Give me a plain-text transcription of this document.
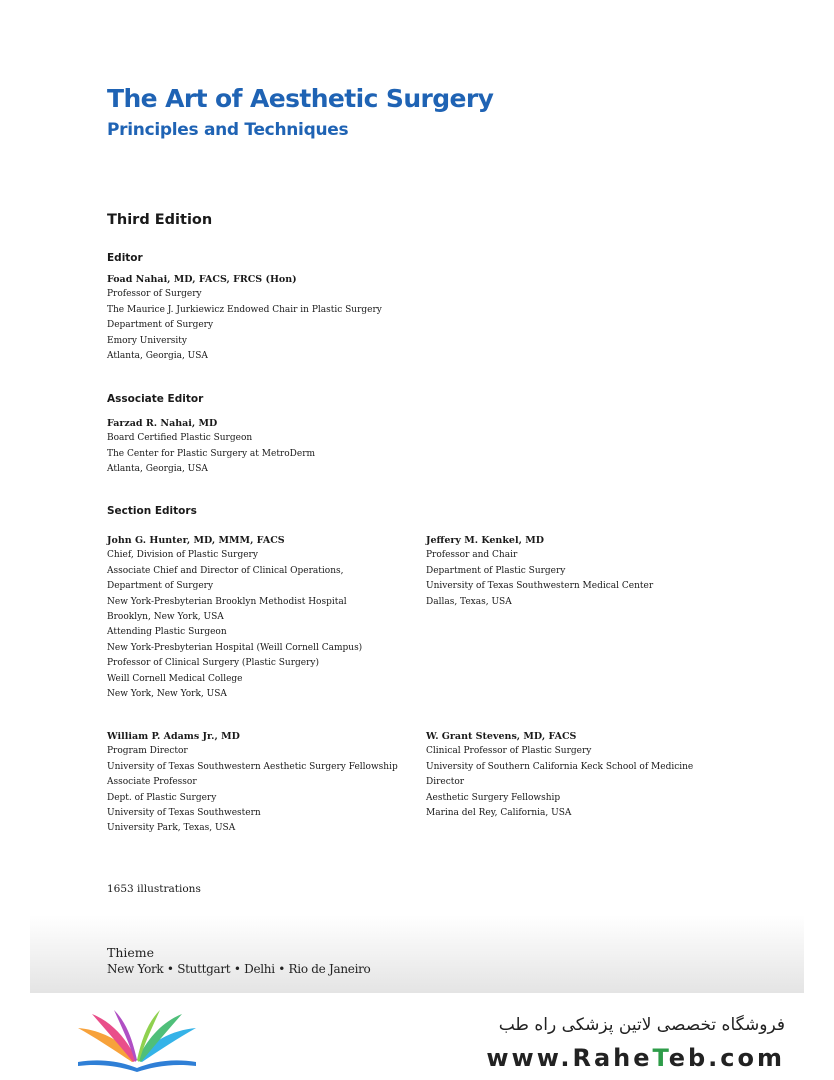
The Art of Aesthetic Surgery
Principles and Techniques
Third Edition
Editor
Foad Nahai, MD, FACS, FRCS (Hon)
Professor of Surgery
The Maurice J. Jurkiewicz Endowed Chair in Plastic Surgery
Department of Surgery
Emory University
Atlanta, Georgia, USA
Associate Editor
Farzad R. Nahai, MD
Board Certified Plastic Surgeon
The Center for Plastic Surgery at MetroDerm
Atlanta, Georgia, USA
Section Editors
John G. Hunter, MD, MMM, FACS
Chief, Division of Plastic Surgery
Associate Chief and Director of Clinical Operations,
Department of Surgery
New York-Presbyterian Brooklyn Methodist Hospital
Brooklyn, New York, USA
Attending Plastic Surgeon
New York-Presbyterian Hospital (Weill Cornell Campus)
Professor of Clinical Surgery (Plastic Surgery)
Weill Cornell Medical College
New York, New York, USA
Jeffery M. Kenkel, MD
Professor and Chair
Department of Plastic Surgery
University of Texas Southwestern Medical Center
Dallas, Texas, USA
William P. Adams Jr., MD
Program Director
University of Texas Southwestern Aesthetic Surgery Fellowship
Associate Professor
Dept. of Plastic Surgery
University of Texas Southwestern
University Park, Texas, USA
W. Grant Stevens, MD, FACS
Clinical Professor of Plastic Surgery
University of Southern California Keck School of Medicine
Director
Aesthetic Surgery Fellowship
Marina del Rey, California, USA
1653 illustrations
Thieme
New York • Stuttgart • Delhi • Rio de Janeiro
فروشگاه تخصصی لاتین پزشکی راه طب
www.RaheTeb.com
